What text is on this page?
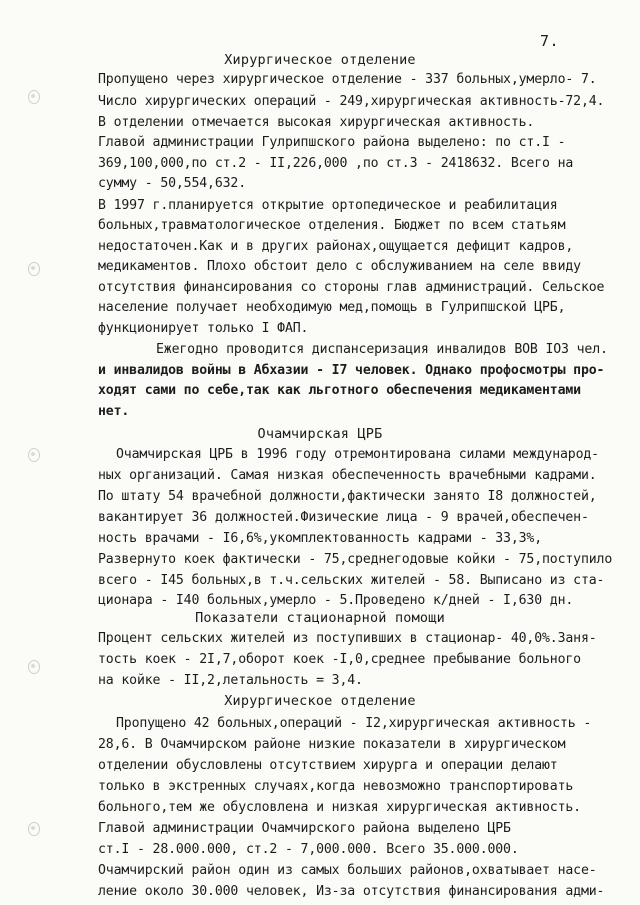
7.
Хирургическое отделение
Пропущено через хирургическое отделение - 337 больных,умерло- 7.
Число хирургических операций - 249,хирургическая активность-72,4.
В отделении отмечается высокая хирургическая активность.
Главой администрации Гулрипшского района выделено: по ст.I -
369,100,000,по ст.2 - II,226,000 ,по ст.3 - 2418632. Всего на
сумму - 50,554,632.
В 1997 г.планируется открытие ортопедическое и реабилитация
больных,травматологическое отделения. Бюджет по всем статьям
недостаточен.Как и в других районах,ощущается дефицит кадров,
медикаментов. Плохо обстоит дело с обслуживанием на селе ввиду
отсутствия финансирования со стороны глав администраций. Сельское
население получает необходимую мед,помощь в Гулрипшской ЦРБ,
функционирует только I ФАП.
Ежегодно проводится диспансеризация инвалидов ВОВ IO3 чел.
и инвалидов войны в Абхазии - I7 человек. Однако профосмотры про-
ходят сами по себе,так как льготного обеспечения медикаментами
нет.
Очамчирская ЦРБ
Очамчирская ЦРБ в 1996 году отремонтирована силами международ-
ных организаций. Самая низкая обеспеченность врачебными кадрами.
По штату 54 врачебной должности,фактически занято I8 должностей,
вакантирует 36 должностей.Физические лица - 9 врачей,обеспечен-
ность врачами - I6,6%,укомплектованность кадрами - 33,3%,
Развернуто коек фактически - 75,среднегодовые койки - 75,поступило
всего - I45 больных,в т.ч.сельских жителей - 58. Выписано из ста-
ционара - I40 больных,умерло - 5.Проведено к/дней - I,630 дн.
Показатели стационарной помощи
Процент сельских жителей из поступивших в стационар- 40,0%.Заня-
тость коек - 2I,7,оборот коек -I,0,среднее пребывание больного
на койке - II,2,летальность = 3,4.
Хирургическое отделение
Пропущено 42 больных,операций - I2,хирургическая активность -
28,6. В Очамчирском районе низкие показатели в хирургическом
отделении обусловлены отсутствием хирурга и операции делают
только в экстренных случаях,когда невозможно транспортировать
больного,тем же обусловлена и низкая хирургическая активность.
Главой администрации Очамчирского района выделено ЦРБ
ст.I - 28.000.000, ст.2 - 7,000.000. Всего 35.000.000.
Очамчирский район один из самых больших районов,охватывает насе-
ление около 30.000 человек, Из-за отсутствия финансирования адми-
